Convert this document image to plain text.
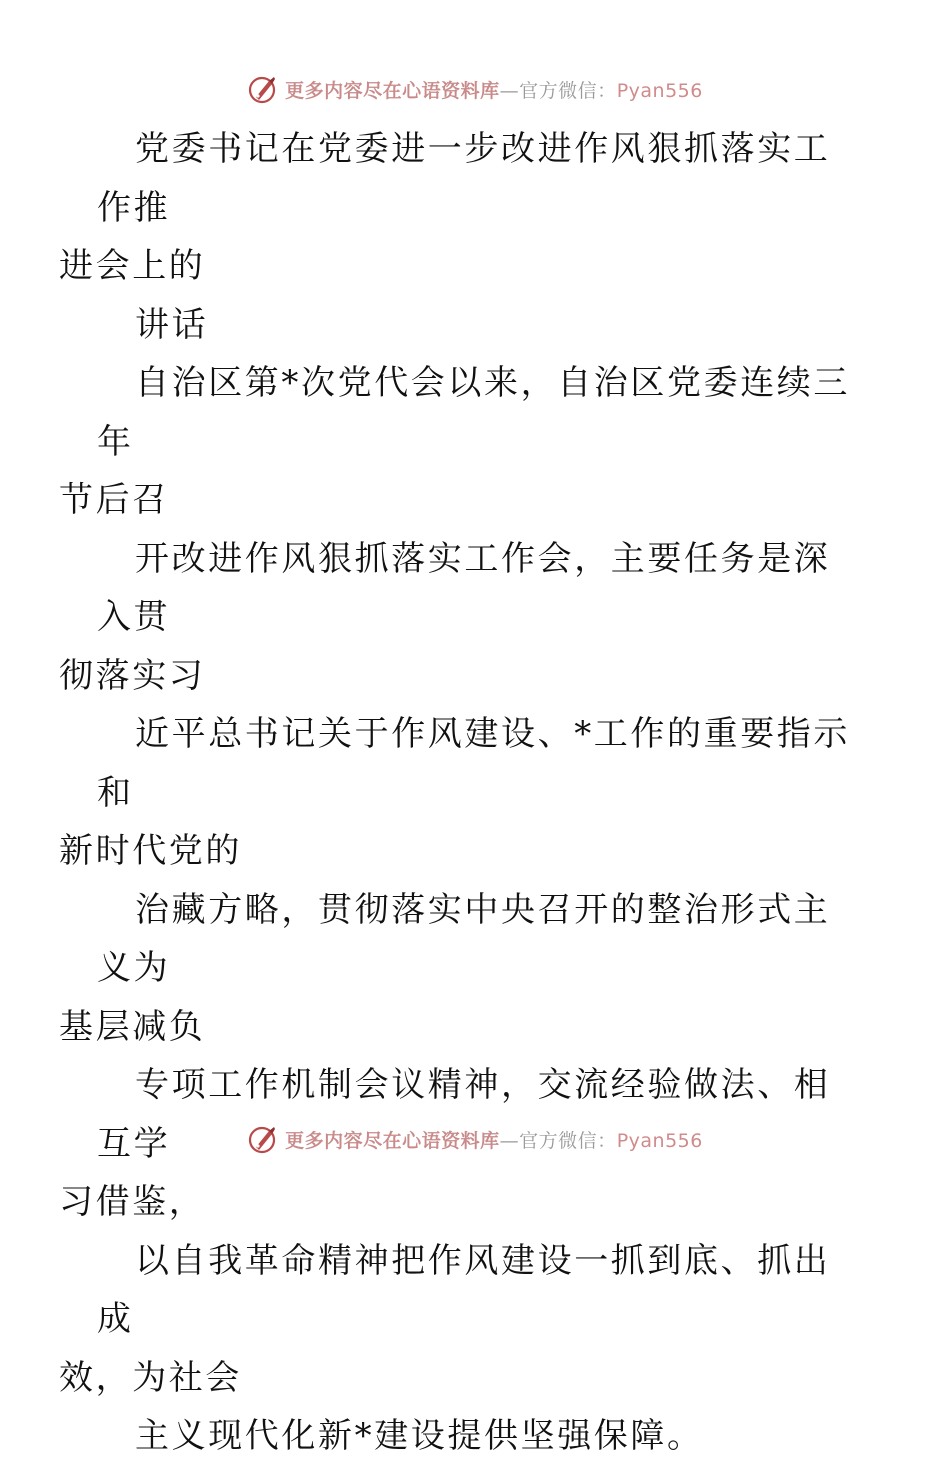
更多内容尽在心语资料库—官方微信：Pyan556

党委书记在党委进一步改进作风狠抓落实工作推
进会上的

讲话

自治区第*次党代会以来，自治区党委连续三年
节后召

开改进作风狠抓落实工作会，主要任务是深入贯
彻落实习

近平总书记关于作风建设、*工作的重要指示和
新时代党的

治藏方略，贯彻落实中央召开的整治形式主义为
基层减负

专项工作机制会议精神，交流经验做法、相互学
习借鉴，

以自我革命精神把作风建设一抓到底、抓出成
效，为社会

主义现代化新*建设提供坚强保障。

更多内容尽在心语资料库—官方微信：Pyan556
